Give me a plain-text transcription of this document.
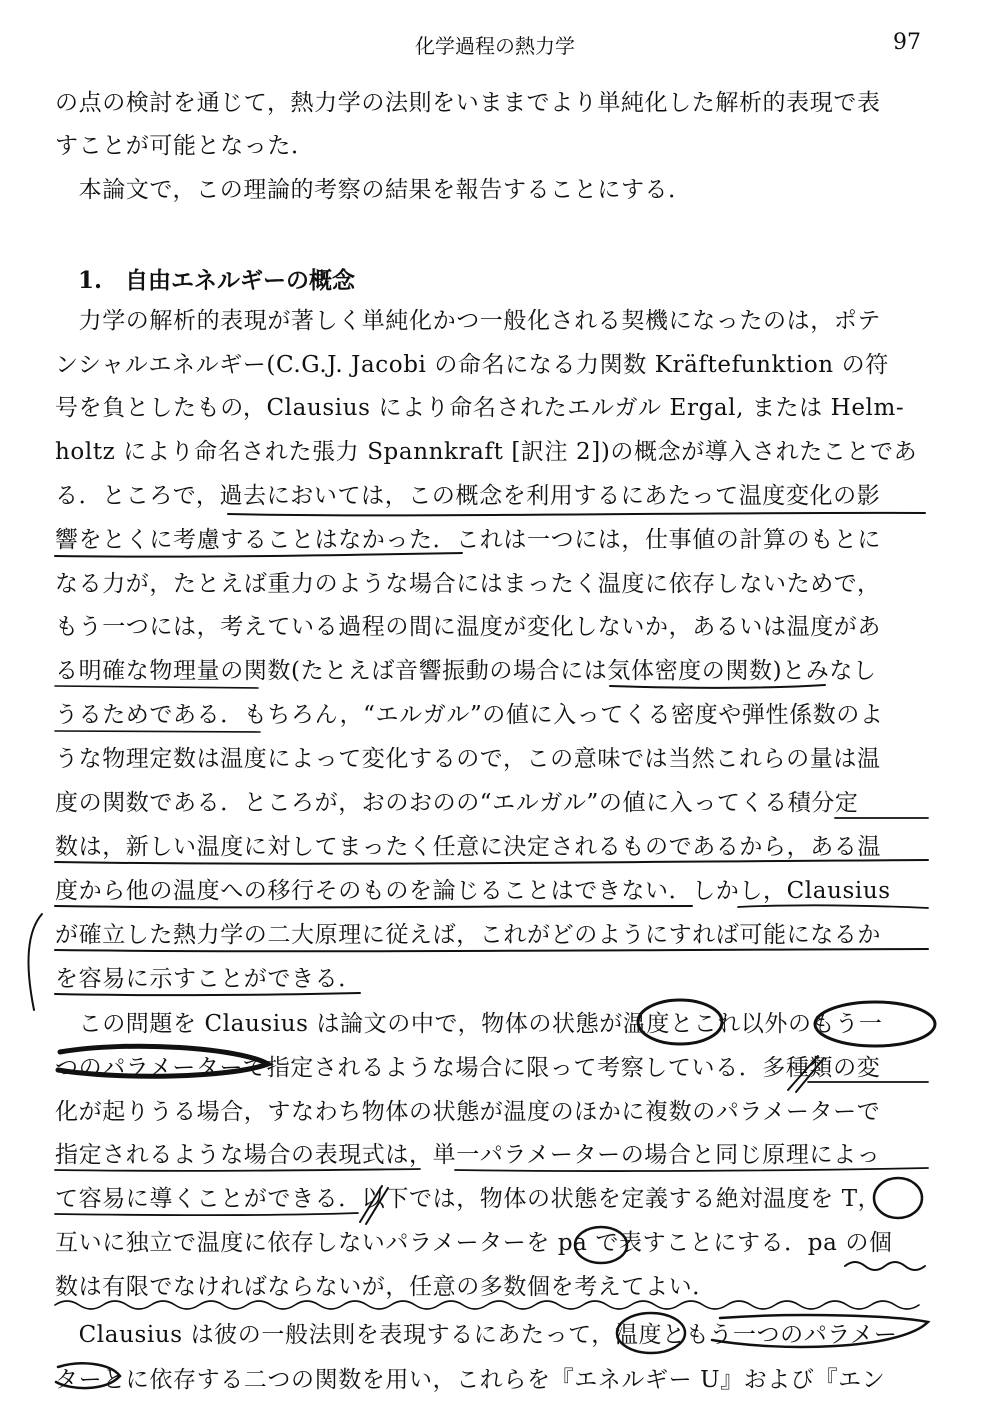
化学過程の熱力学	97
の点の検討を通じて，熱力学の法則をいままでより単純化した解析的表現で表
すことが可能となった．
　本論文で，この理論的考察の結果を報告することにする．
1.　自由エネルギーの概念
　力学の解析的表現が著しく単純化かつ一般化される契機になったのは，ポテ
ンシャルエネルギー(C.G.J. Jacobi の命名になる力関数 Kräftefunktion の符
号を負としたもの，Clausius により命名されたエルガル Ergal, または Helm-
holtz により命名された張力 Spannkraft [訳注 2])の概念が導入されたことであ
る．ところで，過去においては，この概念を利用するにあたって温度変化の影
響をとくに考慮することはなかった．これは一つには，仕事値の計算のもとに
なる力が，たとえば重力のような場合にはまったく温度に依存しないためで，
もう一つには，考えている過程の間に温度が変化しないか，あるいは温度があ
る明確な物理量の関数(たとえば音響振動の場合には気体密度の関数)とみなし
うるためである．もちろん，“エルガル”の値に入ってくる密度や弾性係数のよ
うな物理定数は温度によって変化するので，この意味では当然これらの量は温
度の関数である．ところが，おのおのの“エルガル”の値に入ってくる積分定
数は，新しい温度に対してまったく任意に決定されるものであるから，ある温
度から他の温度への移行そのものを論じることはできない．しかし，Clausius
が確立した熱力学の二大原理に従えば，これがどのようにすれば可能になるか
を容易に示すことができる．
　この問題を Clausius は論文の中で，物体の状態が温度とこれ以外のもう一
つのパラメーターで指定されるような場合に限って考察している．多種類の変
化が起りうる場合，すなわち物体の状態が温度のほかに複数のパラメーターで
指定されるような場合の表現式は，単一パラメーターの場合と同じ原理によっ
て容易に導くことができる．以下では，物体の状態を定義する絶対温度を T，
互いに独立で温度に依存しないパラメーターを pa で表すことにする．pa の個
数は有限でなければならないが，任意の多数個を考えてよい．
　Clausius は彼の一般法則を表現するにあたって，温度ともう一つのパラメー
ターとに依存する二つの関数を用い，これらを『エネルギー U』および『エン
